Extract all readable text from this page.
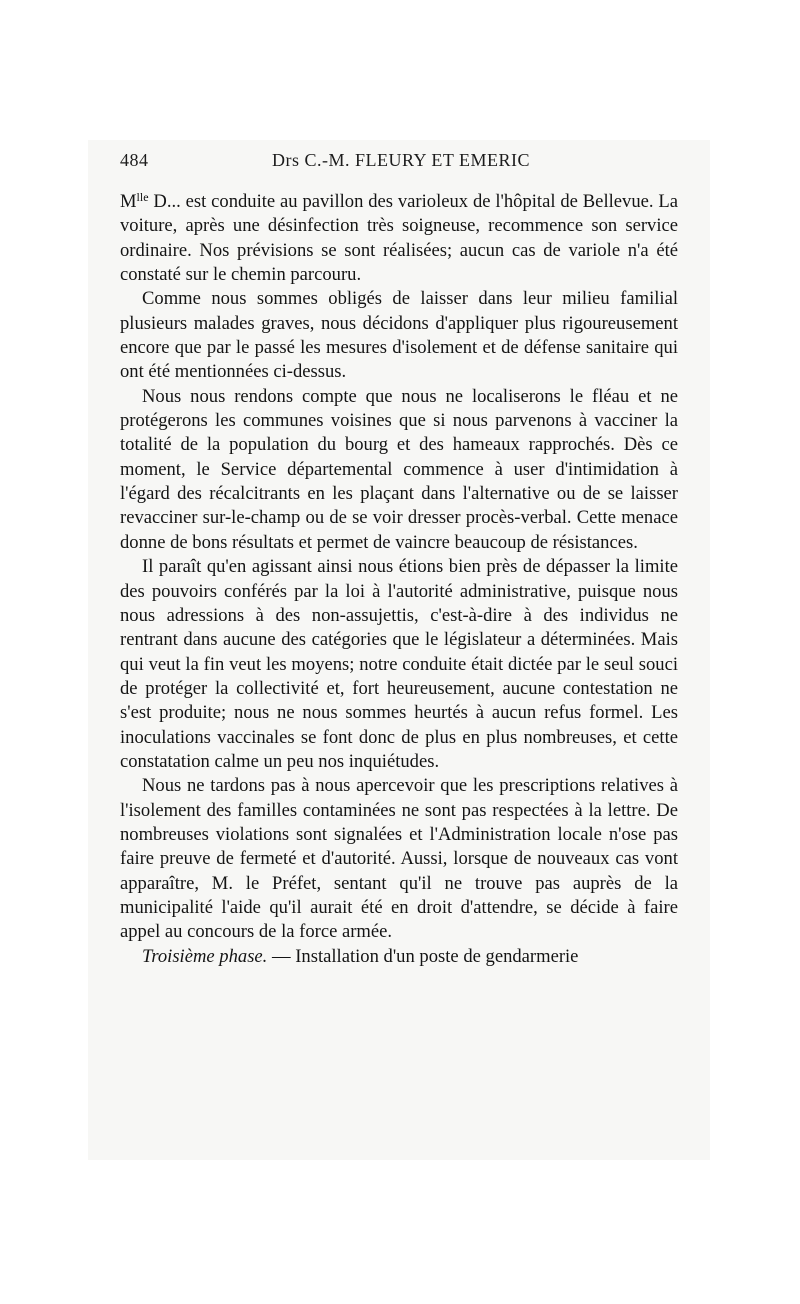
484	Drs C.-M. FLEURY ET EMERIC

$M^{lle}$ D... est conduite au pavillon des varioleux de l'hôpital de Bellevue. La voiture, après une désinfection très soigneuse, recommence son service ordinaire. Nos prévisions se sont réalisées; aucun cas de variole n'a été constaté sur le chemin parcouru.

Comme nous sommes obligés de laisser dans leur milieu familial plusieurs malades graves, nous décidons d'appliquer plus rigoureusement encore que par le passé les mesures d'isolement et de défense sanitaire qui ont été mentionnées ci-dessus.

Nous nous rendons compte que nous ne localiserons le fléau et ne protégerons les communes voisines que si nous parvenons à vacciner la totalité de la population du bourg et des hameaux rapprochés. Dès ce moment, le Service départemental commence à user d'intimidation à l'égard des récalcitrants en les plaçant dans l'alternative ou de se laisser revacciner sur-le-champ ou de se voir dresser procès-verbal. Cette menace donne de bons résultats et permet de vaincre beaucoup de résistances.

Il paraît qu'en agissant ainsi nous étions bien près de dépasser la limite des pouvoirs conférés par la loi à l'autorité administrative, puisque nous nous adressions à des non-assujettis, c'est-à-dire à des individus ne rentrant dans aucune des catégories que le législateur a déterminées. Mais qui veut la fin veut les moyens; notre conduite était dictée par le seul souci de protéger la collectivité et, fort heureusement, aucune contestation ne s'est produite; nous ne nous sommes heurtés à aucun refus formel. Les inoculations vaccinales se font donc de plus en plus nombreuses, et cette constatation calme un peu nos inquiétudes.

Nous ne tardons pas à nous apercevoir que les prescriptions relatives à l'isolement des familles contaminées ne sont pas respectées à la lettre. De nombreuses violations sont signalées et l'Administration locale n'ose pas faire preuve de fermeté et d'autorité. Aussi, lorsque de nouveaux cas vont apparaître, M. le Préfet, sentant qu'il ne trouve pas auprès de la municipalité l'aide qu'il aurait été en droit d'attendre, se décide à faire appel au concours de la force armée.

Troisième phase. — Installation d'un poste de gendarmerie
